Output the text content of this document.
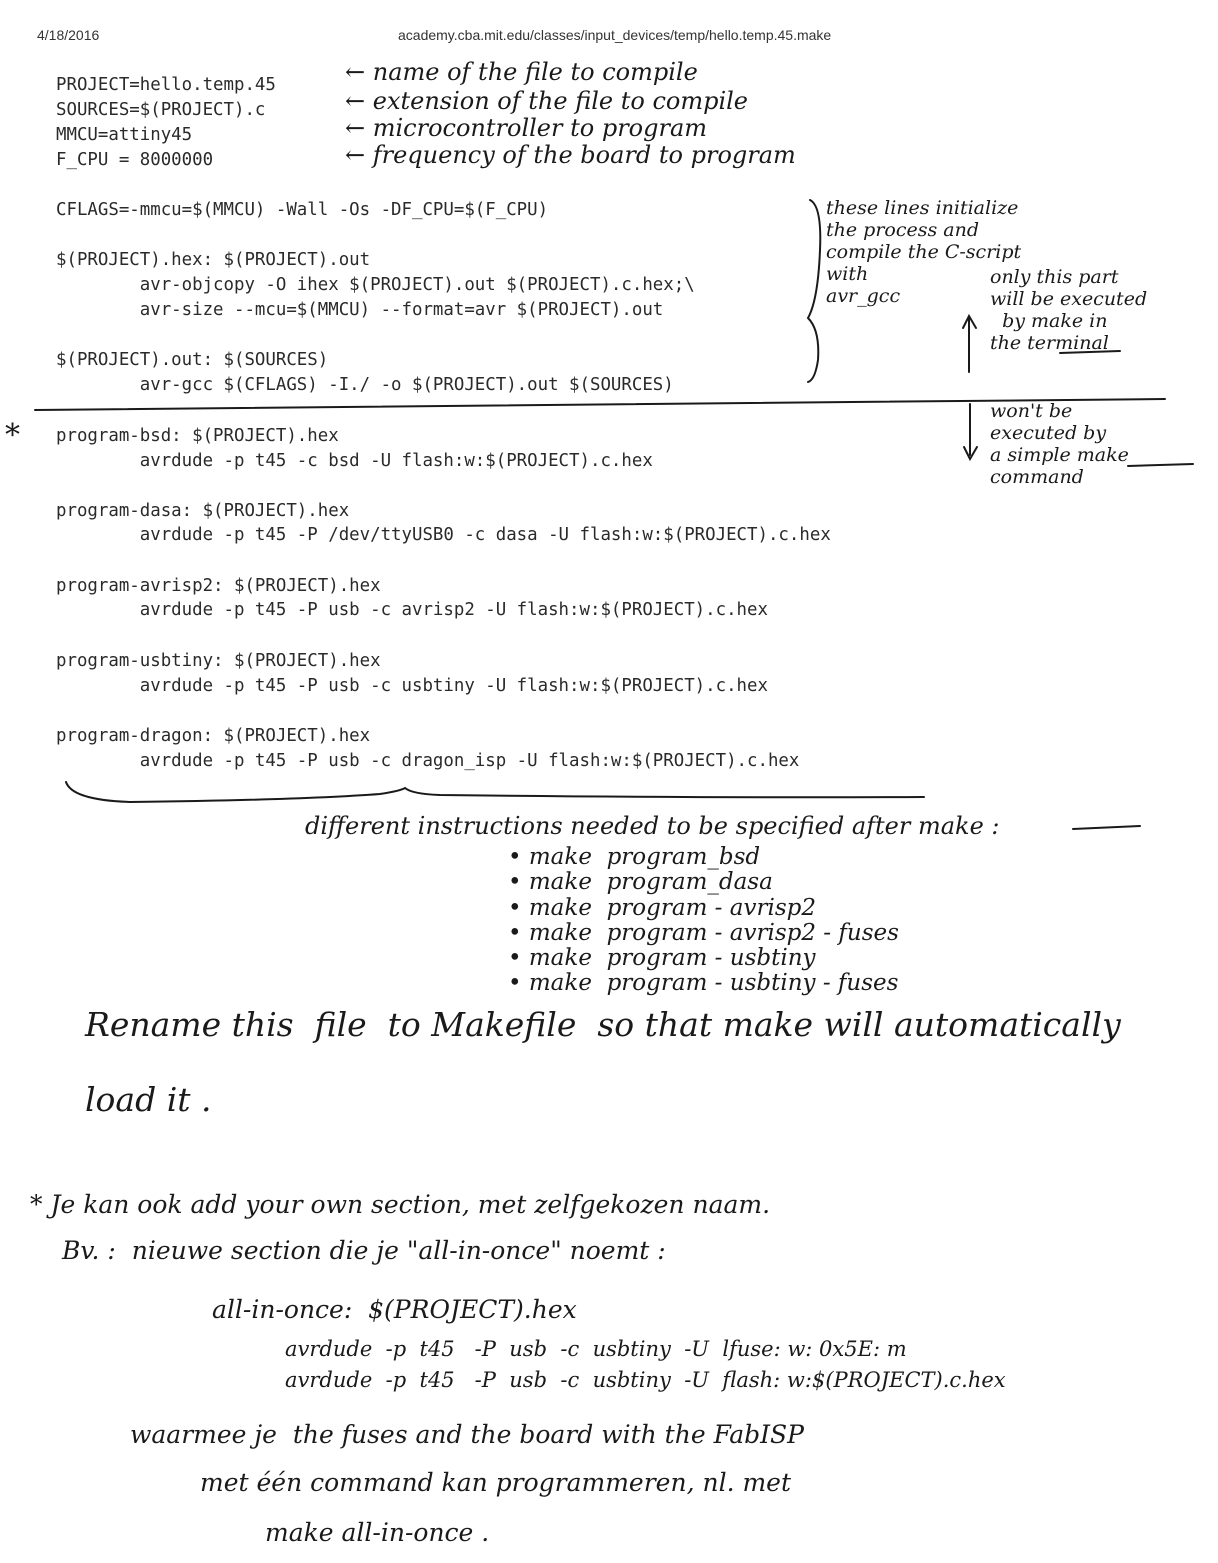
4/18/2016	academy.cba.mit.edu/classes/input_devices/temp/hello.temp.45.make
PROJECT=hello.temp.45
SOURCES=$(PROJECT).c
MMCU=attiny45
F_CPU = 8000000
CFLAGS=-mmcu=$(MMCU) -Wall -Os -DF_CPU=$(F_CPU)
$(PROJECT).hex: $(PROJECT).out
avr-objcopy -O ihex $(PROJECT).out $(PROJECT).c.hex;\
avr-size --mcu=$(MMCU) --format=avr $(PROJECT).out
$(PROJECT).out: $(SOURCES)
avr-gcc $(CFLAGS) -I./ -o $(PROJECT).out $(SOURCES)
program-bsd: $(PROJECT).hex
avrdude -p t45 -c bsd -U flash:w:$(PROJECT).c.hex
program-dasa: $(PROJECT).hex
avrdude -p t45 -P /dev/ttyUSB0 -c dasa -U flash:w:$(PROJECT).c.hex
program-avrisp2: $(PROJECT).hex
avrdude -p t45 -P usb -c avrisp2 -U flash:w:$(PROJECT).c.hex
program-usbtiny: $(PROJECT).hex
avrdude -p t45 -P usb -c usbtiny -U flash:w:$(PROJECT).c.hex
program-dragon: $(PROJECT).hex
avrdude -p t45 -P usb -c dragon_isp -U flash:w:$(PROJECT).c.hex
← name of the file to compile
← extension of the file to compile
← microcontroller to program
← frequency of the board to program
these lines initialize
the process and
compile the C-script
with
avr_gcc
only this part
will be executed
by make in
the terminal
won't be
executed by
a simple make
command
*
different instructions needed to be specified after make :
• make  program_bsd
• make  program_dasa
• make  program - avrisp2
• make  program - avrisp2 - fuses
• make  program - usbtiny
• make  program - usbtiny - fuses
Rename this  file  to Makefile  so that make will automatically
load it .
* Je kan ook add your own section, met zelfgekozen naam.
Bv. :  nieuwe section die je "all-in-once" noemt :
all-in-once:  $(PROJECT).hex
avrdude  -p  t45   -P  usb  -c  usbtiny  -U  lfuse: w: 0x5E: m
avrdude  -p  t45   -P  usb  -c  usbtiny  -U  flash: w:$(PROJECT).c.hex
waarmee je  the fuses and the board with the FabISP
met één command kan programmeren, nl. met
make all-in-once .
